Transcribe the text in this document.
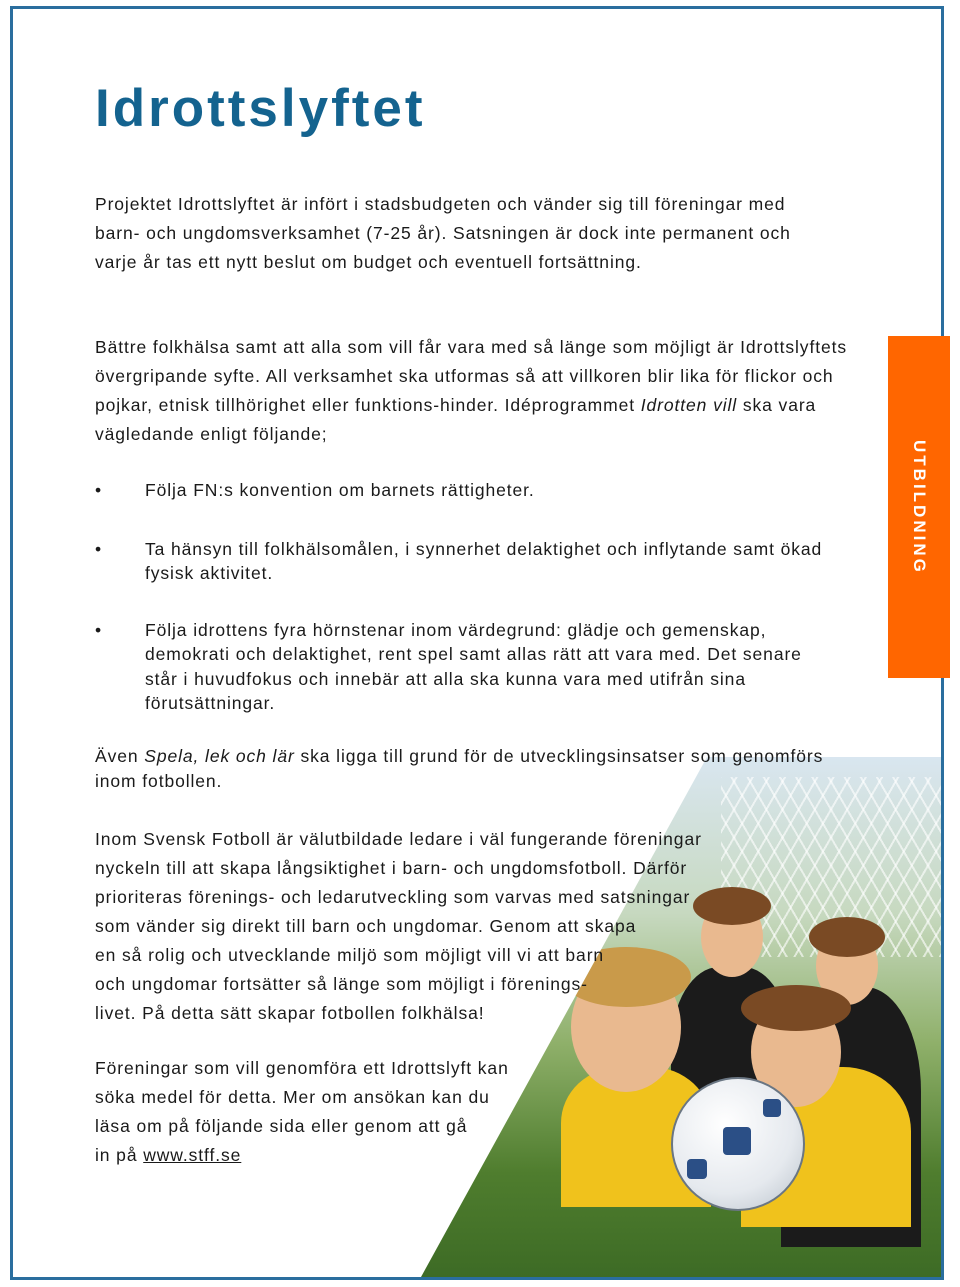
UTBILDNING
Idrottslyftet

Projektet Idrottslyftet är infört i stadsbudgeten och vänder sig till föreningar med barn- och ungdomsverksamhet (7-25 år). Satsningen är dock inte permanent och varje år tas ett nytt beslut om budget och eventuell fortsättning.

Bättre folkhälsa samt att alla som vill får vara med så länge som möjligt är Idrottslyftets övergripande syfte. All verksamhet ska utformas så att villkoren blir lika för flickor och pojkar, etnisk tillhörighet eller funktions-hinder. Idéprogrammet Idrotten vill ska vara vägledande enligt följande;

• Följa FN:s konvention om barnets rättigheter.
• Ta hänsyn till folkhälsomålen, i synnerhet delaktighet och inflytande samt ökad fysisk aktivitet.
• Följa idrottens fyra hörnstenar inom värdegrund: glädje och gemenskap, demokrati och delaktighet, rent spel samt allas rätt att vara med. Det senare står i huvudfokus och innebär att alla ska kunna vara med utifrån sina förutsättningar.

Även Spela, lek och lär ska ligga till grund för de utvecklingsinsatser som genomförs inom fotbollen.

Inom Svensk Fotboll är välutbildade ledare i väl fungerande föreningar
nyckeln till att skapa långsiktighet i barn- och ungdomsfotboll. Därför
prioriteras förenings- och ledarutveckling som varvas med satsningar
som vänder sig direkt till barn och ungdomar. Genom att skapa
en så rolig och utvecklande miljö som möjligt vill vi att barn
och ungdomar fortsätter så länge som möjligt i förenings-
livet. På detta sätt skapar fotbollen folkhälsa!
Föreningar som vill genomföra ett Idrottslyft kan
söka medel för detta. Mer om ansökan kan du
läsa om på följande sida eller genom att gå
in på www.stff.se
